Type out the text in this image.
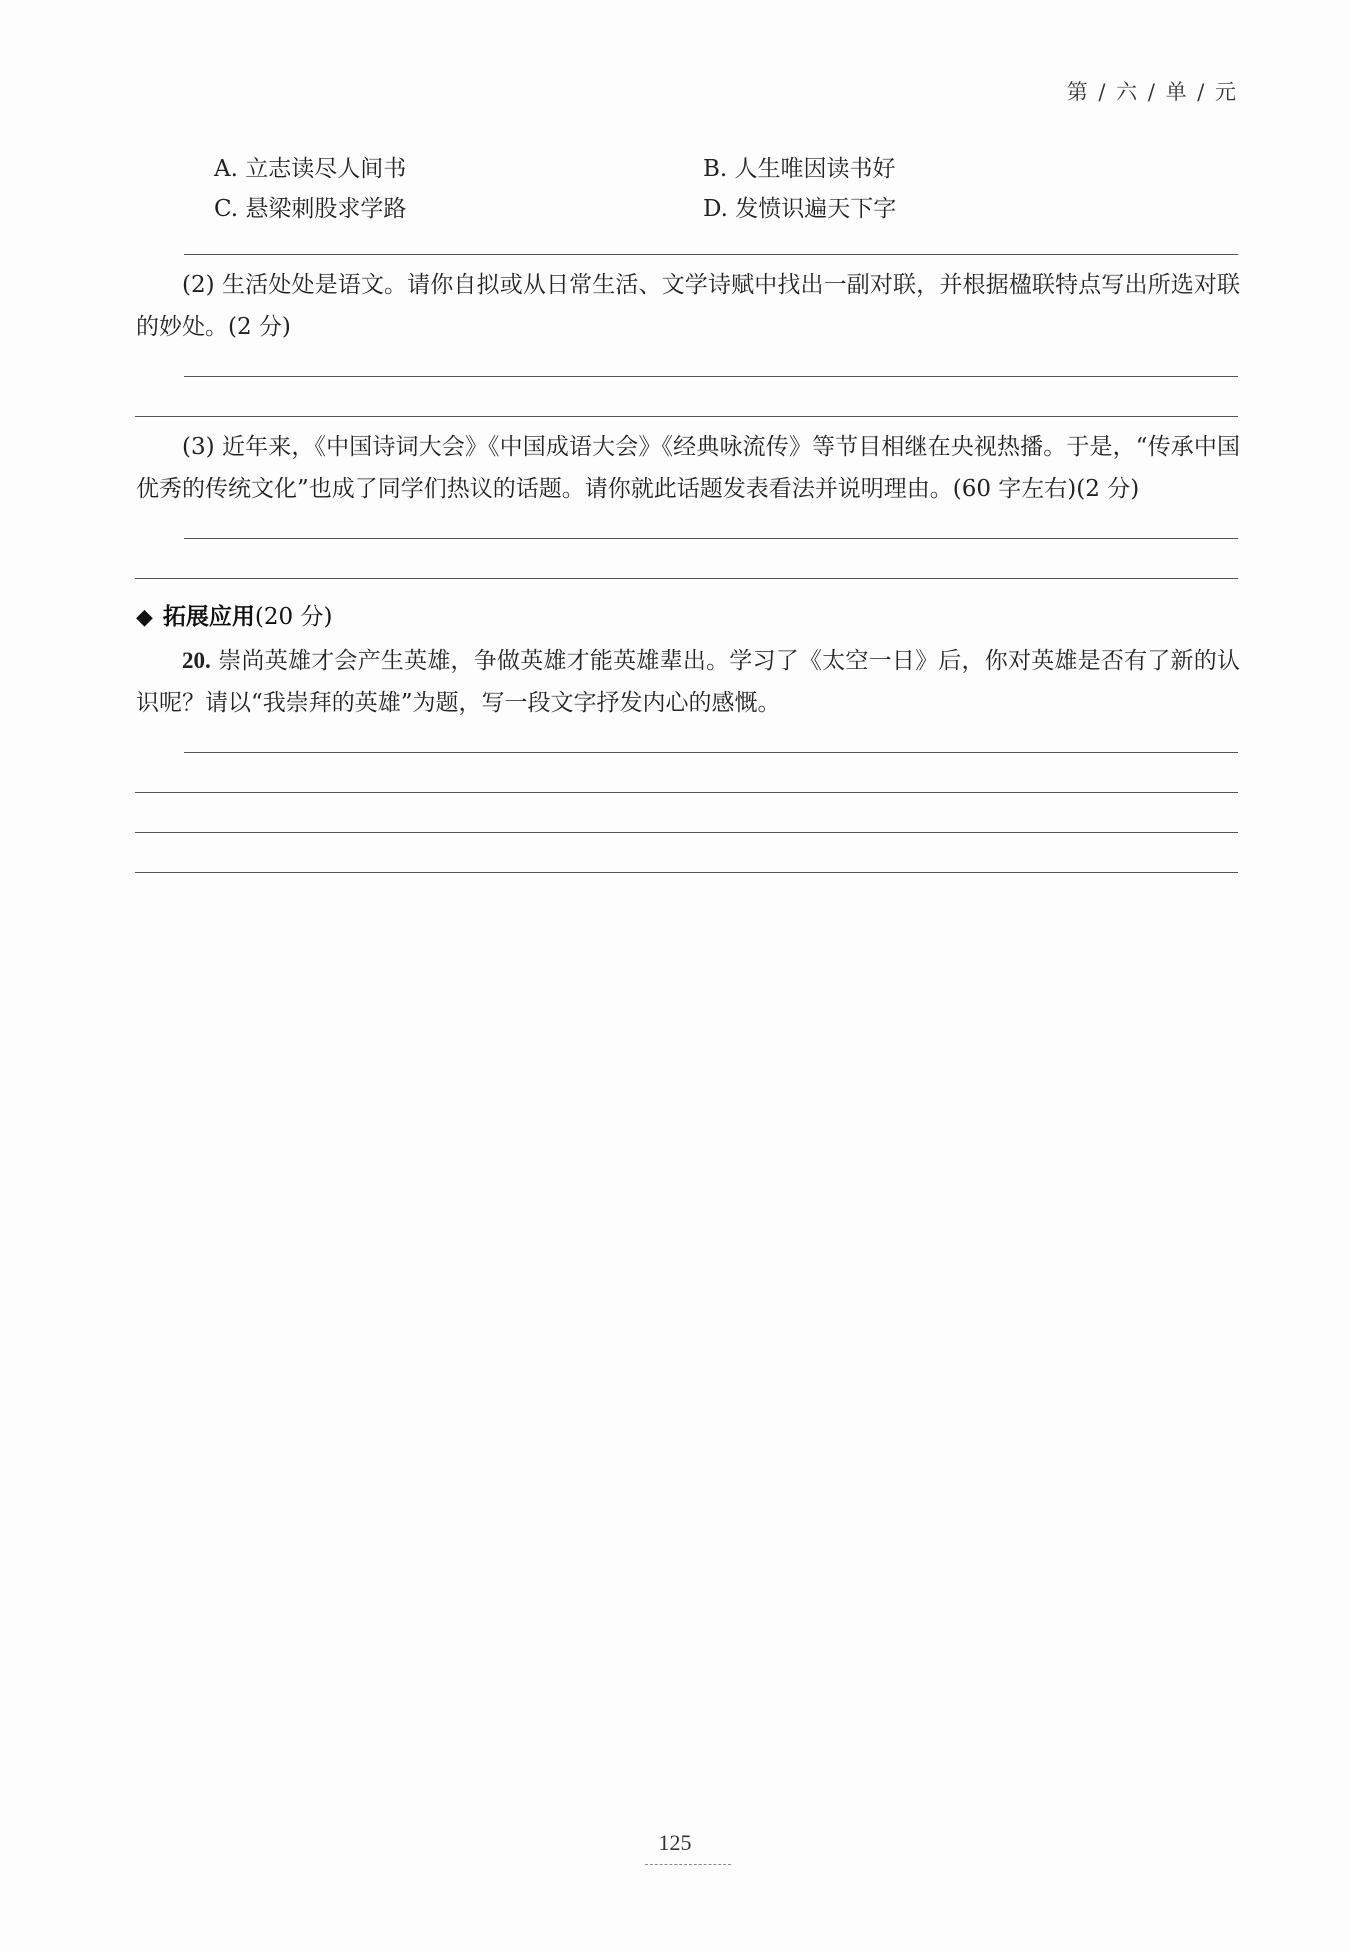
第 / 六 / 单 / 元
A. 立志读尽人间书	B. 人生唯因读书好
C. 悬梁刺股求学路	D. 发愤识遍天下字
(2) 生活处处是语文。请你自拟或从日常生活、文学诗赋中找出一副对联，并根据楹联特点写出所选对联的妙处。(2 分)
(3) 近年来，《中国诗词大会》《中国成语大会》《经典咏流传》等节目相继在央视热播。于是，“传承中国优秀的传统文化”也成了同学们热议的话题。请你就此话题发表看法并说明理由。(60 字左右)(2 分)
◆ 拓展应用(20 分)
20. 崇尚英雄才会产生英雄，争做英雄才能英雄辈出。学习了《太空一日》后，你对英雄是否有了新的认识呢？请以“我崇拜的英雄”为题，写一段文字抒发内心的感慨。
125
